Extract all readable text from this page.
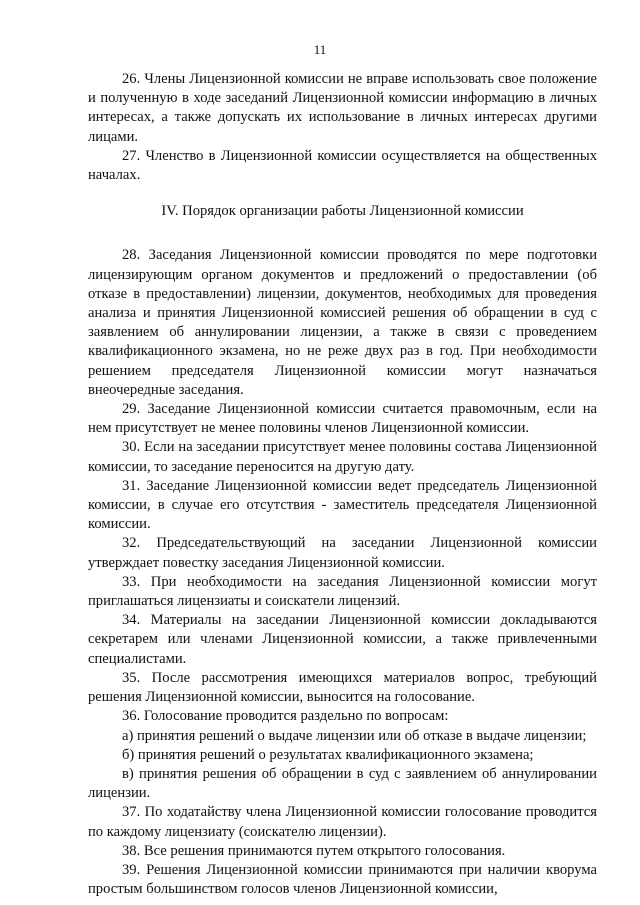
11

26. Члены Лицензионной комиссии не вправе использовать свое положение и полученную в ходе заседаний Лицензионной комиссии информацию в личных интересах, а также допускать их использование в личных интересах другими лицами.

27. Членство в Лицензионной комиссии осуществляется на общественных началах.

IV. Порядок организации работы Лицензионной комиссии

28. Заседания Лицензионной комиссии проводятся по мере подготовки лицензирующим органом документов и предложений о предоставлении (об отказе в предоставлении) лицензии, документов, необходимых для проведения анализа и принятия Лицензионной комиссией решения об обращении в суд с заявлением об аннулировании лицензии, а также в связи с проведением квалификационного экзамена, но не реже двух раз в год. При необходимости решением председателя Лицензионной комиссии могут назначаться внеочередные заседания.

29. Заседание Лицензионной комиссии считается правомочным, если на нем присутствует не менее половины членов Лицензионной комиссии.

30. Если на заседании присутствует менее половины состава Лицензионной комиссии, то заседание переносится на другую дату.

31. Заседание Лицензионной комиссии ведет председатель Лицензионной комиссии, в случае его отсутствия - заместитель председателя Лицензионной комиссии.

32. Председательствующий на заседании Лицензионной комиссии утверждает повестку заседания Лицензионной комиссии.

33. При необходимости на заседания Лицензионной комиссии могут приглашаться лицензиаты и соискатели лицензий.

34. Материалы на заседании Лицензионной комиссии докладываются секретарем или членами Лицензионной комиссии, а также привлеченными специалистами.

35. После рассмотрения имеющихся материалов вопрос, требующий решения Лицензионной комиссии, выносится на голосование.

36. Голосование проводится раздельно по вопросам:

а) принятия решений о выдаче лицензии или об отказе в выдаче лицензии;

б) принятия решений о результатах квалификационного экзамена;

в) принятия решения об обращении в суд с заявлением об аннулировании лицензии.

37. По ходатайству члена Лицензионной комиссии голосование проводится по каждому лицензиату (соискателю лицензии).

38. Все решения принимаются путем открытого голосования.

39. Решения Лицензионной комиссии принимаются при наличии кворума простым большинством голосов членов Лицензионной комиссии,
